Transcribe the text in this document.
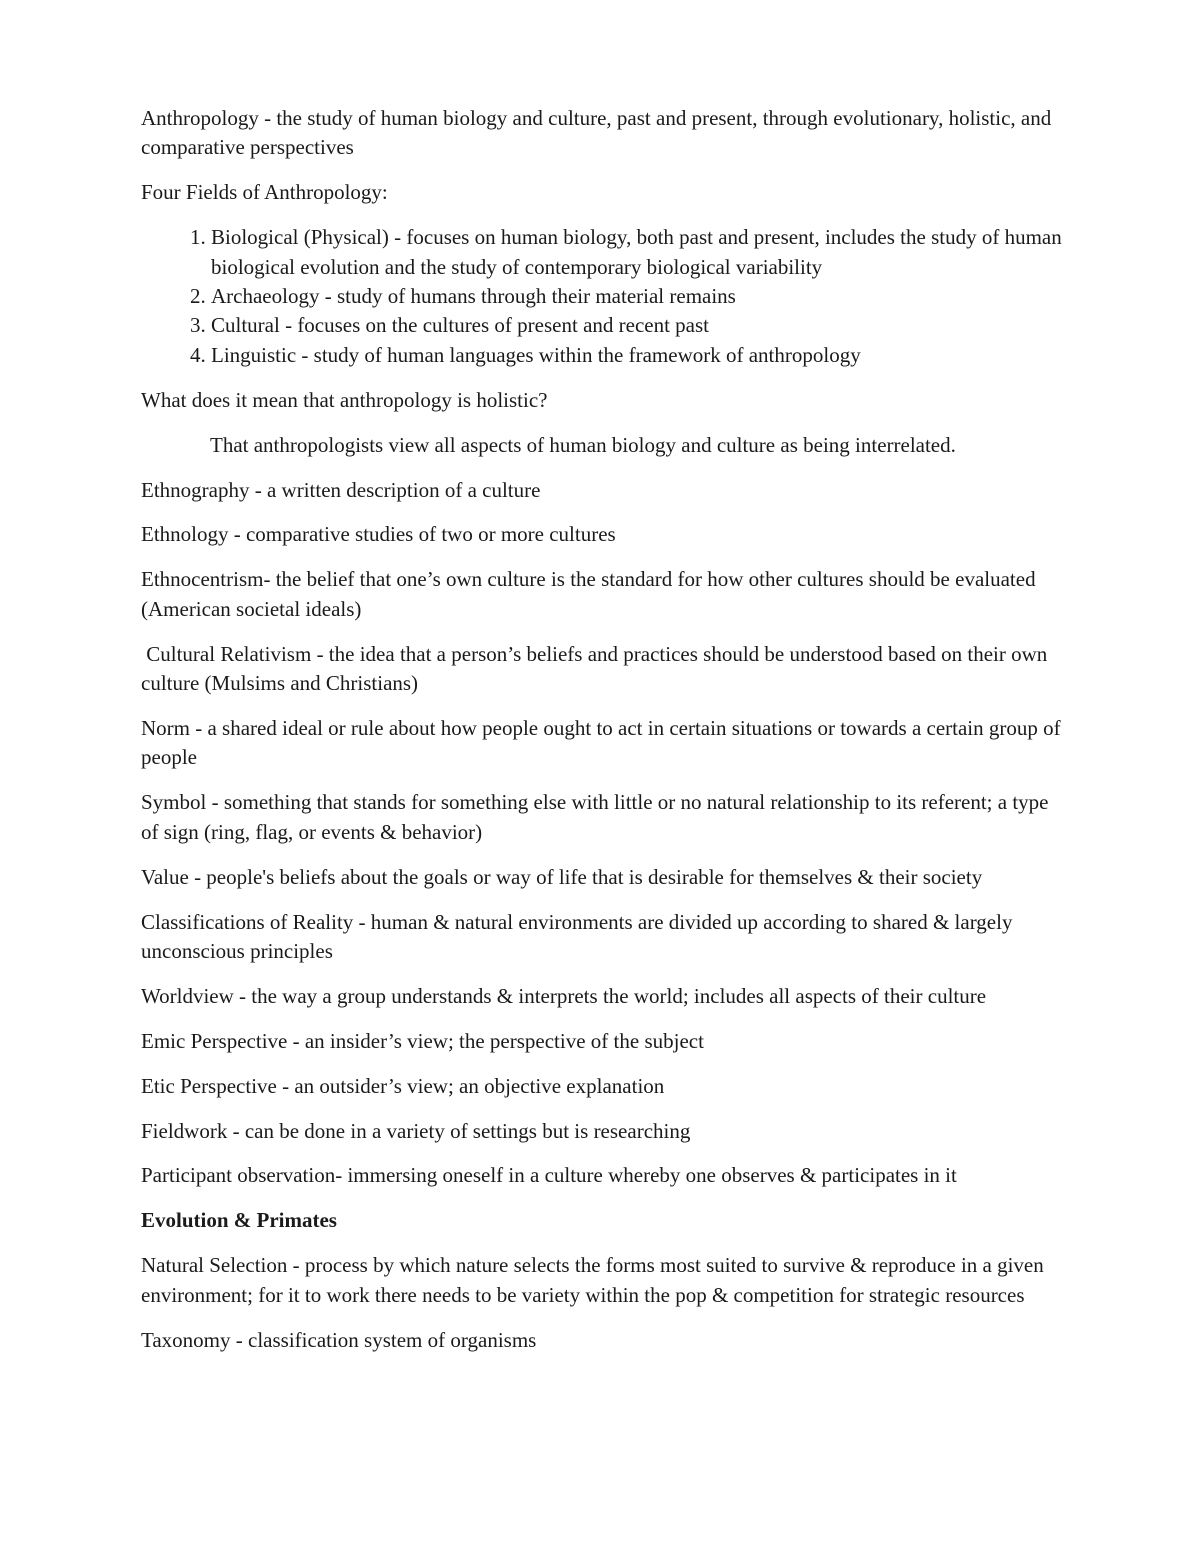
Anthropology - the study of human biology and culture, past and present, through evolutionary, holistic, and comparative perspectives

Four Fields of Anthropology:

1. Biological (Physical) - focuses on human biology, both past and present, includes the study of human biological evolution and the study of contemporary biological variability
2. Archaeology - study of humans through their material remains
3. Cultural - focuses on the cultures of present and recent past
4. Linguistic - study of human languages within the framework of anthropology

What does it mean that anthropology is holistic?

That anthropologists view all aspects of human biology and culture as being interrelated.

Ethnography - a written description of a culture

Ethnology - comparative studies of two or more cultures

Ethnocentrism- the belief that one’s own culture is the standard for how other cultures should be evaluated (American societal ideals)

Cultural Relativism - the idea that a person’s beliefs and practices should be understood based on their own culture (Mulsims and Christians)

Norm - a shared ideal or rule about how people ought to act in certain situations or towards a certain group of people

Symbol - something that stands for something else with little or no natural relationship to its referent; a type of sign (ring, flag, or events & behavior)

Value - people's beliefs about the goals or way of life that is desirable for themselves & their society

Classifications of Reality - human & natural environments are divided up according to shared & largely unconscious principles

Worldview - the way a group understands & interprets the world; includes all aspects of their culture

Emic Perspective - an insider’s view; the perspective of the subject

Etic Perspective - an outsider’s view; an objective explanation

Fieldwork - can be done in a variety of settings but is researching

Participant observation- immersing oneself in a culture whereby one observes & participates in it

Evolution & Primates

Natural Selection - process by which nature selects the forms most suited to survive & reproduce in a given environment; for it to work there needs to be variety within the pop & competition for strategic resources

Taxonomy - classification system of organisms
